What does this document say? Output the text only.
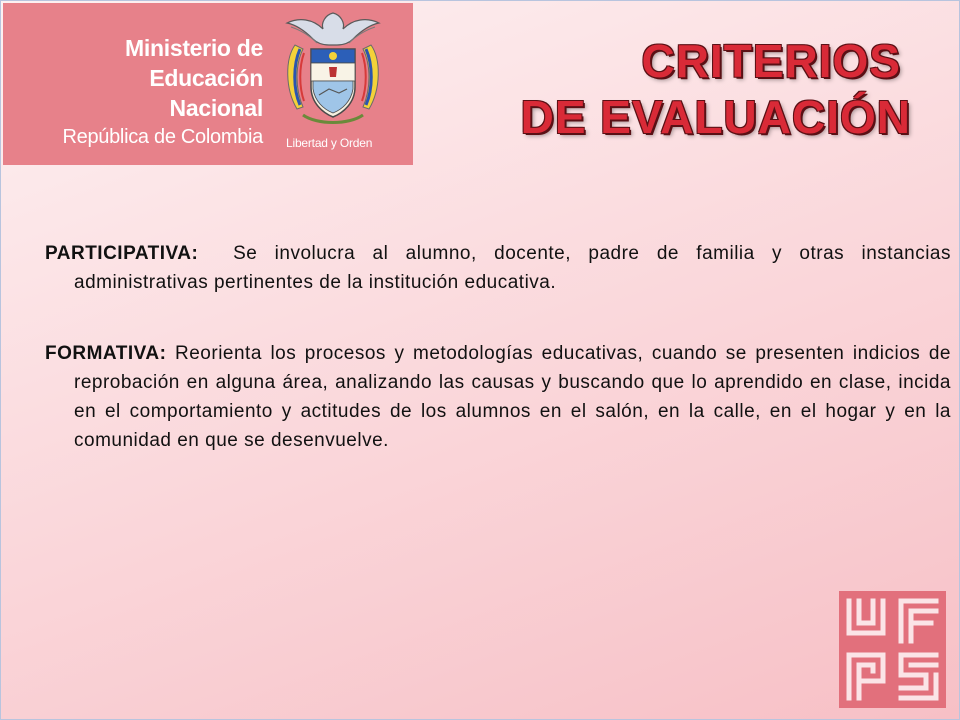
Ministerio de
Educación Nacional
República de Colombia Libertad y Orden
CRITERIOS
DE EVALUACIÓN

PARTICIPATIVA:  Se involucra al alumno, docente, padre de familia y otras instancias administrativas pertinentes de la institución educativa.

FORMATIVA: Reorienta los procesos y metodologías educativas, cuando se presenten indicios de reprobación en alguna área, analizando las causas y buscando que lo aprendido en clase, incida en el comportamiento y actitudes de los alumnos en el salón, en la calle, en el hogar y en la comunidad en que se desenvuelve.
